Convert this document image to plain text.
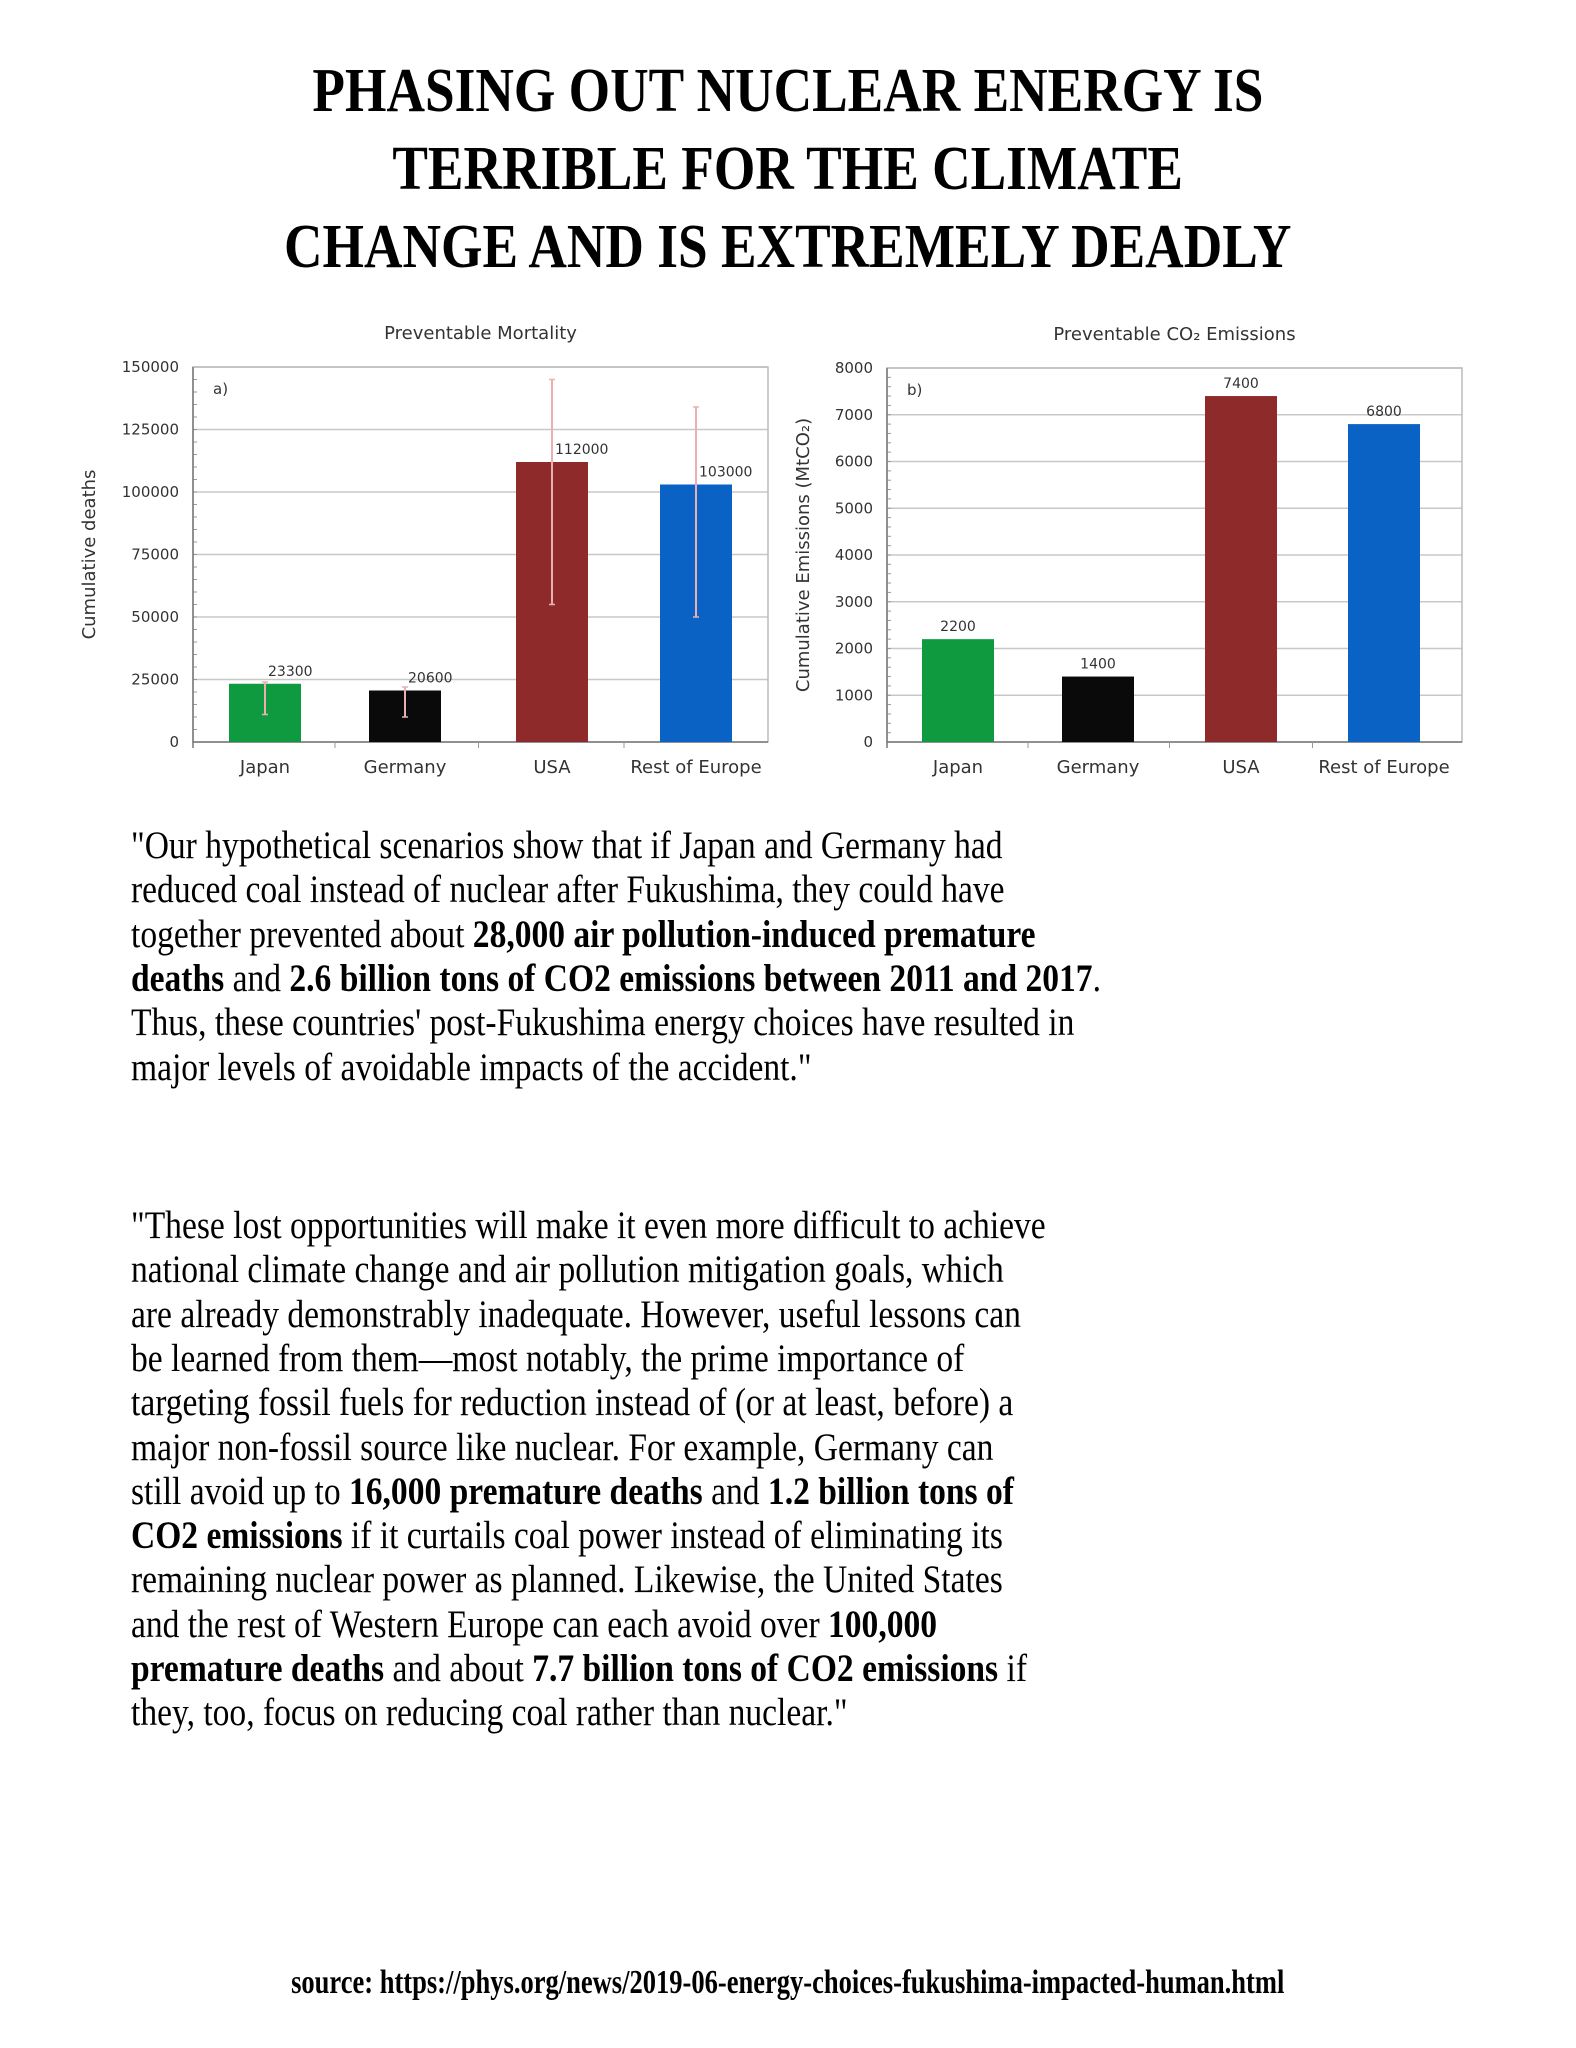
PHASING OUT NUCLEAR ENERGY IS
TERRIBLE FOR THE CLIMATE
CHANGE AND IS EXTREMELY DEADLY
0
25000
50000
75000
100000
125000
150000
23300
Japan
20600
Germany
112000
USA
103000
Rest of Europe
Preventable Mortality
a)
Cumulative deaths
0
1000
2000
3000
4000
5000
6000
7000
8000
2200
Japan
1400
Germany
7400
USA
6800
Rest of Europe
Preventable CO₂ Emissions
b)
Cumulative Emissions (MtCO₂)
"Our hypothetical scenarios show that if Japan and Germany had
reduced coal instead of nuclear after Fukushima, they could have
together prevented about 28,000 air pollution-induced premature
deaths and 2.6 billion tons of CO2 emissions between 2011 and 2017.
Thus, these countries' post-Fukushima energy choices have resulted in
major levels of avoidable impacts of the accident."
"These lost opportunities will make it even more difficult to achieve
national climate change and air pollution mitigation goals, which
are already demonstrably inadequate. However, useful lessons can
be learned from them—most notably, the prime importance of
targeting fossil fuels for reduction instead of (or at least, before) a
major non-fossil source like nuclear. For example, Germany can
still avoid up to 16,000 premature deaths and 1.2 billion tons of
CO2 emissions if it curtails coal power instead of eliminating its
remaining nuclear power as planned. Likewise, the United States
and the rest of Western Europe can each avoid over 100,000
premature deaths and about 7.7 billion tons of CO2 emissions if
they, too, focus on reducing coal rather than nuclear."
source: https://phys.org/news/2019-06-energy-choices-fukushima-impacted-human.html
